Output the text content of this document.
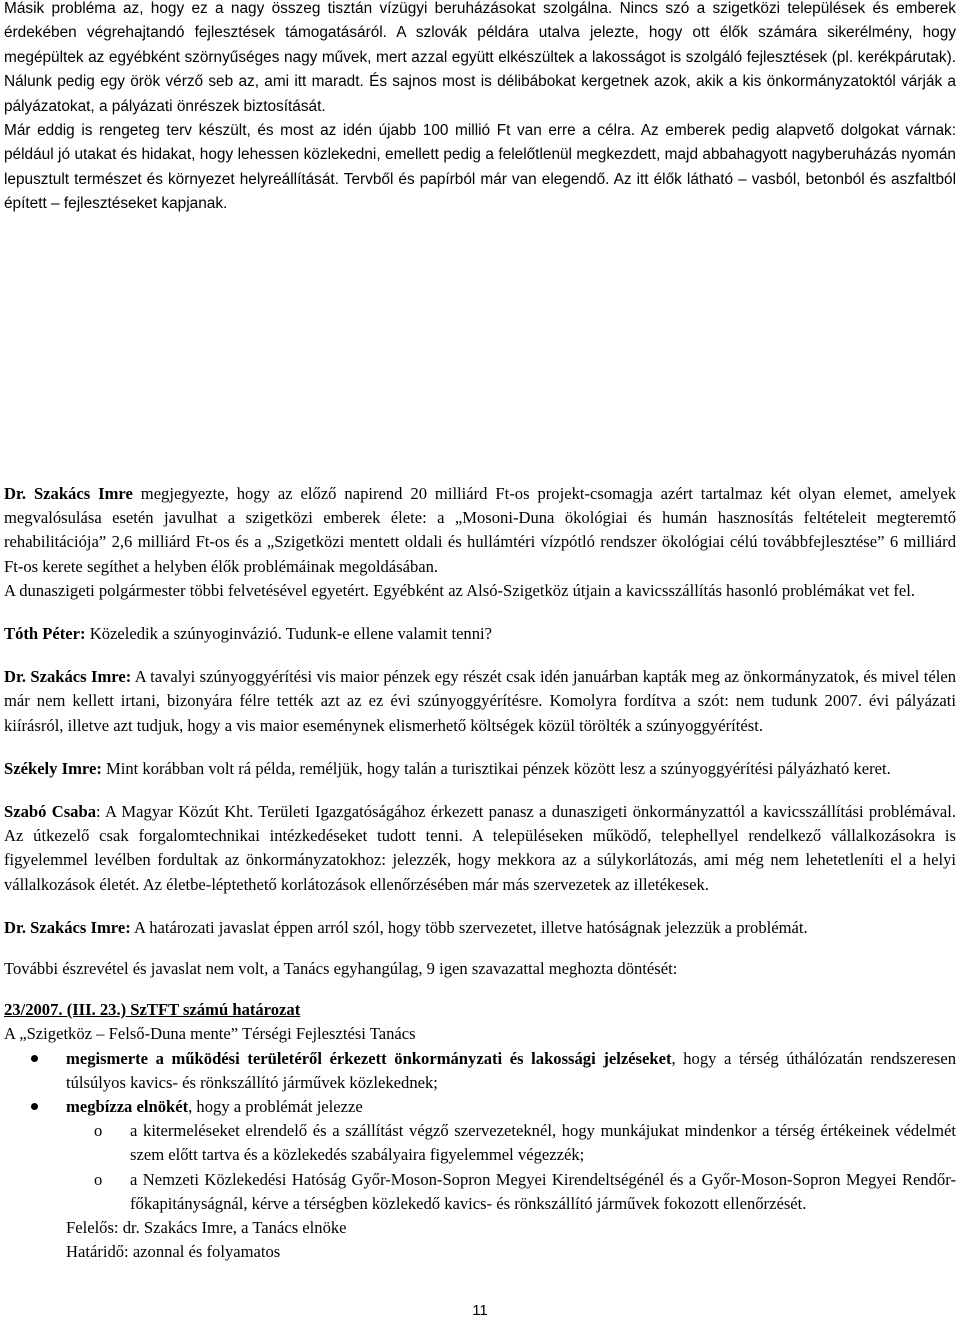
Másik probléma az, hogy ez a nagy összeg tisztán vízügyi beruházásokat szolgálna. Nincs szó a szigetközi települések és emberek érdekében végrehajtandó fejlesztések támogatásáról. A szlovák példára utalva jelezte, hogy ott élők számára sikerélmény, hogy megépültek az egyébként szörnyűséges nagy művek, mert azzal együtt elkészültek a lakosságot is szolgáló fejlesztések (pl. kerékpárutak). Nálunk pedig egy örök vérző seb az, ami itt maradt. És sajnos most is délibábokat kergetnek azok, akik a kis önkormányzatoktól várják a pályázatokat, a pályázati önrészek biztosítását.

Már eddig is rengeteg terv készült, és most az idén újabb 100 millió Ft van erre a célra. Az emberek pedig alapvető dolgokat várnak: például jó utakat és hidakat, hogy lehessen közlekedni, emellett pedig a felelőtlenül megkezdett, majd abbahagyott nagyberuházás nyomán lepusztult természet és környezet helyreállítását. Tervből és papírból már van elegendő. Az itt élők látható – vasból, betonból és aszfaltból épített – fejlesztéseket kapjanak.

Dr. Szakács Imre megjegyezte, hogy az előző napirend 20 milliárd Ft-os projekt-csomagja azért tartalmaz két olyan elemet, amelyek megvalósulása esetén javulhat a szigetközi emberek élete: a „Mosoni-Duna ökológiai és humán hasznosítás feltételeit megteremtő rehabilitációja” 2,6 milliárd Ft-os és a „Szigetközi mentett oldali és hullámtéri vízpótló rendszer ökológiai célú továbbfejlesztése” 6 milliárd Ft-os kerete segíthet a helyben élők problémáinak megoldásában.

A dunaszigeti polgármester többi felvetésével egyetért. Egyébként az Alsó-Szigetköz útjain a kavicsszállítás hasonló problémákat vet fel.

Tóth Péter: Közeledik a szúnyoginvázió. Tudunk-e ellene valamit tenni?

Dr. Szakács Imre: A tavalyi szúnyoggyérítési vis maior pénzek egy részét csak idén januárban kapták meg az önkormányzatok, és mivel télen már nem kellett irtani, bizonyára félre tették azt az ez évi szúnyoggyérítésre. Komolyra fordítva a szót: nem tudunk 2007. évi pályázati kiírásról, illetve azt tudjuk, hogy a vis maior eseménynek elismerhető költségek közül törölték a szúnyoggyérítést.

Székely Imre: Mint korábban volt rá példa, reméljük, hogy talán a turisztikai pénzek között lesz a szúnyoggyérítési pályázható keret.

Szabó Csaba: A Magyar Közút Kht. Területi Igazgatóságához érkezett panasz a dunaszigeti önkormányzattól a kavicsszállítási problémával. Az útkezelő csak forgalomtechnikai intézkedéseket tudott tenni. A településeken működő, telephellyel rendelkező vállalkozásokra is figyelemmel levélben fordultak az önkormányzatokhoz: jelezzék, hogy mekkora az a súlykorlátozás, ami még nem lehetetleníti el a helyi vállalkozások életét. Az életbe-léptethető korlátozások ellenőrzésében már más szervezetek az illetékesek.

Dr. Szakács Imre: A határozati javaslat éppen arról szól, hogy több szervezetet, illetve hatóságnak jelezzük a problémát.

További észrevétel és javaslat nem volt, a Tanács egyhangúlag, 9 igen szavazattal meghozta döntését:

23/2007. (III. 23.) SzTFT számú határozat

A „Szigetköz – Felső-Duna mente” Térségi Fejlesztési Tanács

megismerte a működési területéről érkezett önkormányzati és lakossági jelzéseket, hogy a térség úthálózatán rendszeresen túlsúlyos kavics- és rönkszállító járművek közlekednek;
megbízza elnökét, hogy a problémát jelezze
o a kitermeléseket elrendelő és a szállítást végző szervezeteknél, hogy munkájukat mindenkor a térség értékeinek védelmét szem előtt tartva és a közlekedés szabályaira figyelemmel végezzék;
o a Nemzeti Közlekedési Hatóság Győr-Moson-Sopron Megyei Kirendeltségénél és a Győr-Moson-Sopron Megyei Rendőr-főkapitányságnál, kérve a térségben közlekedő kavics- és rönkszállító járművek fokozott ellenőrzését.

Felelős: dr. Szakács Imre, a Tanács elnöke

Határidő: azonnal és folyamatos

11
